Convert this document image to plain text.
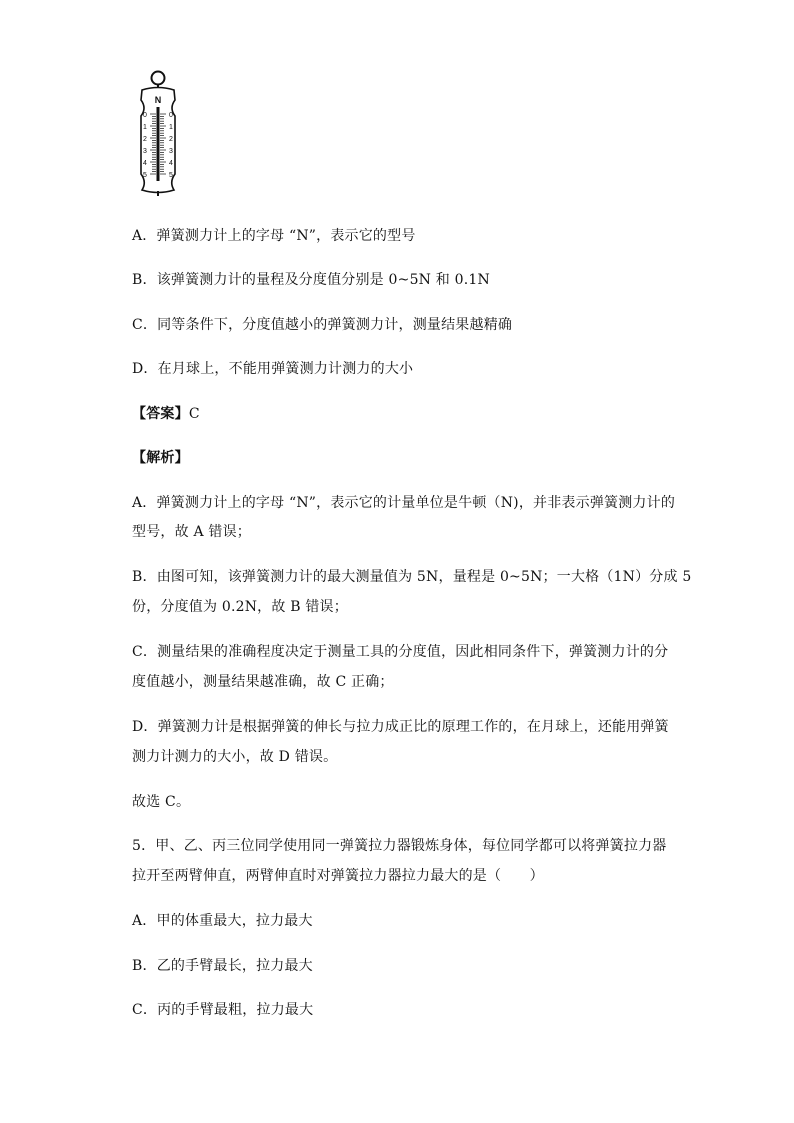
N
0
1
2
3
4
5
0
1
2
3
4
5
A．弹簧测力计上的字母 “N”，表示它的型号
B．该弹簧测力计的量程及分度值分别是 0~5N 和 0.1N
C．同等条件下，分度值越小的弹簧测力计，测量结果越精确
D．在月球上，不能用弹簧测力计测力的大小
【答案】C
【解析】
A．弹簧测力计上的字母 “N”，表示它的计量单位是牛顿（N)，并非表示弹簧测力计的
型号，故 A 错误；
B．由图可知，该弹簧测力计的最大测量值为 5N，量程是 0~5N；一大格（1N）分成 5
份，分度值为 0.2N，故 B 错误；
C．测量结果的准确程度决定于测量工具的分度值，因此相同条件下，弹簧测力计的分
度值越小，测量结果越准确，故 C 正确；
D．弹簧测力计是根据弹簧的伸长与拉力成正比的原理工作的，在月球上，还能用弹簧
测力计测力的大小，故 D 错误。
故选 C。
5．甲、乙、丙三位同学使用同一弹簧拉力器锻炼身体，每位同学都可以将弹簧拉力器
拉开至两臂伸直，两臂伸直时对弹簧拉力器拉力最大的是（　　）
A．甲的体重最大，拉力最大
B．乙的手臂最长，拉力最大
C．丙的手臂最粗，拉力最大
